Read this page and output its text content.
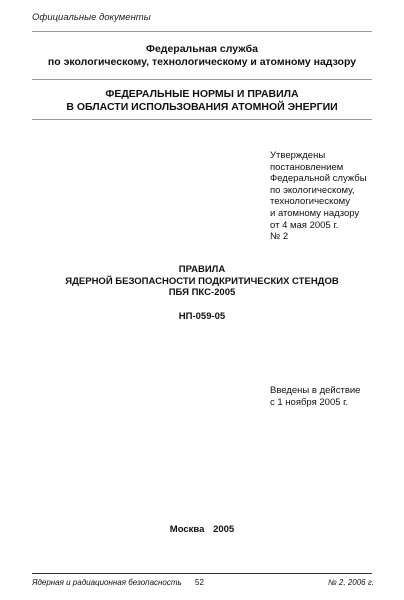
Официальные документы
Федеральная служба
по экологическому, технологическому и атомному надзору
ФЕДЕРАЛЬНЫЕ НОРМЫ И ПРАВИЛА
В ОБЛАСТИ ИСПОЛЬЗОВАНИЯ АТОМНОЙ ЭНЕРГИИ
Утверждены
постановлением
Федеральной службы
по экологическому,
технологическому
и атомному надзору
от 4 мая 2005 г.
№ 2
ПРАВИЛА
ЯДЕРНОЙ БЕЗОПАСНОСТИ ПОДКРИТИЧЕСКИХ СТЕНДОВ
ПБЯ ПКС-2005
НП-059-05
Введены в действие
с 1 ноября 2005 г.
Москва 2005
Ядерная и радиационная безопасность 52	№ 2, 2006 г.
